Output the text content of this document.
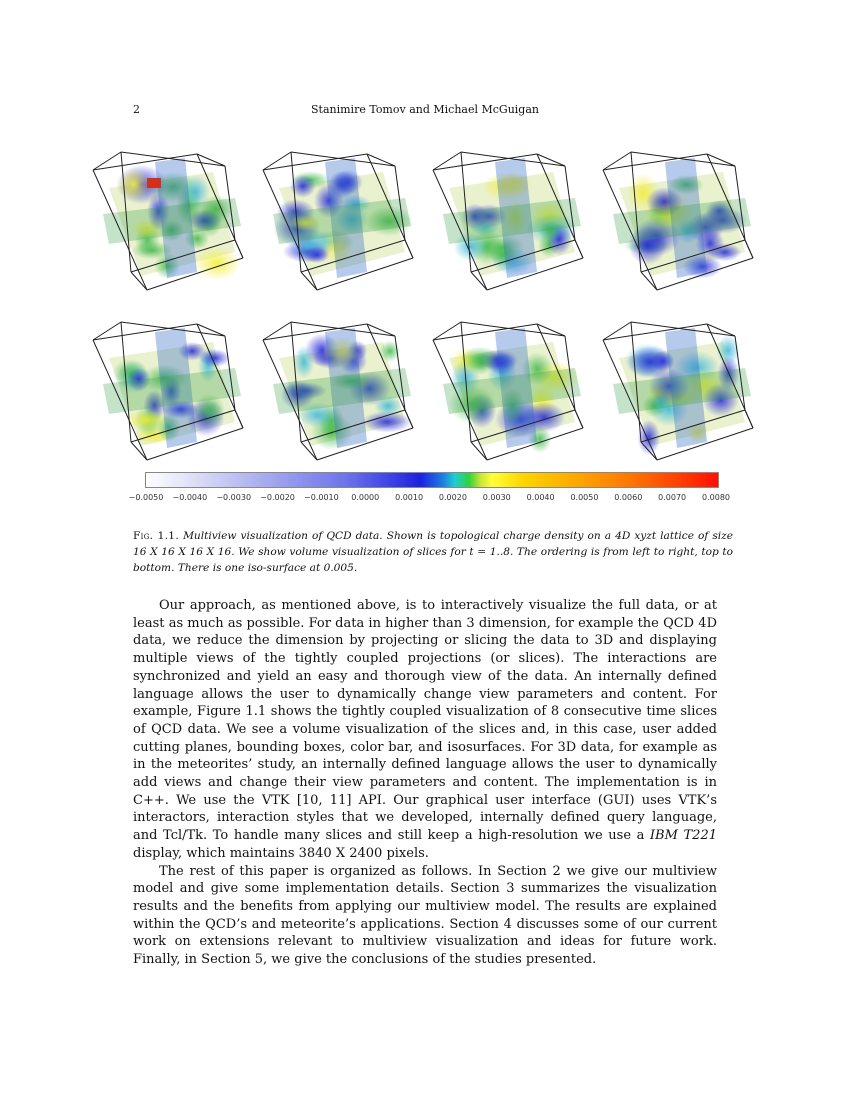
2	Stanimire Tomov and Michael McGuigan
−0.0050 −0.0040 −0.0030 −0.0020 −0.0010 0.0000 0.0010 0.0020 0.0030 0.0040 0.0050 0.0060 0.0070 0.0080
Fig. 1.1. Multiview visualization of QCD data. Shown is topological charge density on a 4D xyzt lattice of size 16 X 16 X 16 X 16. We show volume visualization of slices for t = 1..8. The ordering is from left to right, top to bottom. There is one iso-surface at 0.005.

Our approach, as mentioned above, is to interactively visualize the full data, or at least as much as possible. For data in higher than 3 dimension, for example the QCD 4D data, we reduce the dimension by projecting or slicing the data to 3D and displaying multiple views of the tightly coupled projections (or slices). The interactions are synchronized and yield an easy and thorough view of the data. An internally defined language allows the user to dynamically change view parameters and content. For example, Figure 1.1 shows the tightly coupled visualization of 8 consecutive time slices of QCD data. We see a volume visualization of the slices and, in this case, user added cutting planes, bounding boxes, color bar, and isosurfaces. For 3D data, for example as in the meteorites’ study, an internally defined language allows the user to dynamically add views and change their view parameters and content. The implementation is in C++. We use the VTK [10, 11] API. Our graphical user interface (GUI) uses VTK’s interactors, interaction styles that we developed, internally defined query language, and Tcl/Tk. To handle many slices and still keep a high-resolution we use a IBM T221 display, which maintains 3840 X 2400 pixels.

The rest of this paper is organized as follows. In Section 2 we give our multiview model and give some implementation details. Section 3 summarizes the visualization results and the benefits from applying our multiview model. The results are explained within the QCD’s and meteorite’s applications. Section 4 discusses some of our current work on extensions relevant to multiview visualization and ideas for future work. Finally, in Section 5, we give the conclusions of the studies presented.
